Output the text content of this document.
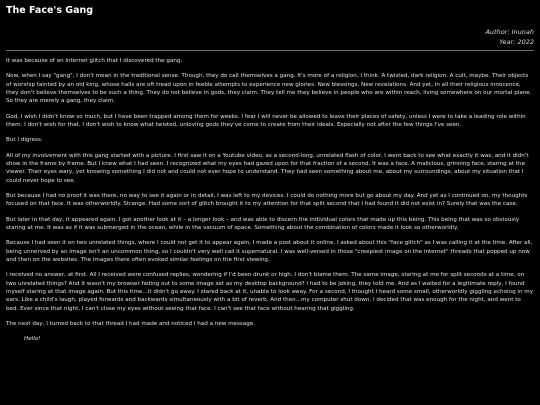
The Face's Gang
Author: Inunah
Year: 2022

It was because of an Internet glitch that I discovered the gang.

Now, when I say "gang", I don't mean in the traditional sense. Though, they do call themselves a gang. It's more of a religion, I think. A twisted, dark religion. A cult, maybe. Their objects of worship tainted by an old king, whose halls are oft tread upon in feeble attempts to experience new glories. New blessings. New revelations. And yet, in all their religious innocence, they don't believe themselves to be such a thing. They do not believe in gods, they claim. They tell me they believe in people who are within reach, living somewhere on our mortal plane. So they are merely a gang, they claim.

God, I wish I didn't know so much, but I have been trapped among them for weeks. I fear I will never be allowed to leave their places of safety, unless I were to take a leading role within them. I don't wish for that. I don't wish to know what twisted, unloving gods they've come to create from their ideals. Especially not after the few things I've seen.

But I digress.

All of my involvement with this gang started with a picture. I first saw it on a Youtube video, as a second-long, unrelated flash of color. I went back to see what exactly it was, and it didn't show in the frame by frame. But I knew what I had seen. I recognized what my eyes had gazed upon for that fraction of a second. It was a face. A malicious, grinning face, staring at the viewer. Their eyes wary, yet knowing something I did not and could not ever hope to understand. They had seen something about me, about my surroundings, about my situation that I could never hope to see.

But because I had no proof it was there, no way to see it again or in detail, I was left to my devices. I could do nothing more but go about my day. And yet as I continued on, my thoughts focused on that face. It was otherworldly. Strange. Had some sort of glitch brought it to my attention for that split second that I had found it did not exist in? Surely that was the case.

But later in that day, it appeared again. I got another look at it – a longer look – and was able to discern the individual colors that made up this being. This being that was so obviously staring at me. It was as if it was submerged in the ocean, while in the vacuum of space. Something about the combination of colors made it look so otherworldly.

Because I had seen it on two unrelated things, where I could not get it to appear again, I made a post about it online. I asked about this "face glitch" as I was calling it at the time. After all, being unnerved by an image isn't an uncommon thing, so I couldn't very well call it supernatural. I was well-versed in those "creepiest image on the internet" threads that popped up now and then on the websites. The images there often evoked similar feelings on the first viewing.

I received no answer, at first. All I received were confused replies, wondering if I'd been drunk or high. I don't blame them. The same image, staring at me for split seconds at a time, on two unrelated things? And it wasn't my browser fading out to some image set as my desktop background? I had to be joking, they told me. And as I waited for a legitimate reply, I found myself staring at that image again. But this time...it didn't go away. I stared back at it, unable to look away. For a second, I thought I heard some small, otherworldly giggling echoing in my ears. Like a child's laugh, played forwards and backwards simultaneously with a bit of reverb. And then...my computer shut down. I decided that was enough for the night, and went to bed. Ever since that night, I can't close my eyes without seeing that face. I can't see that face without hearing that giggling.

The next day, I turned back to that thread I had made and noticed I had a new message.

Hello!
